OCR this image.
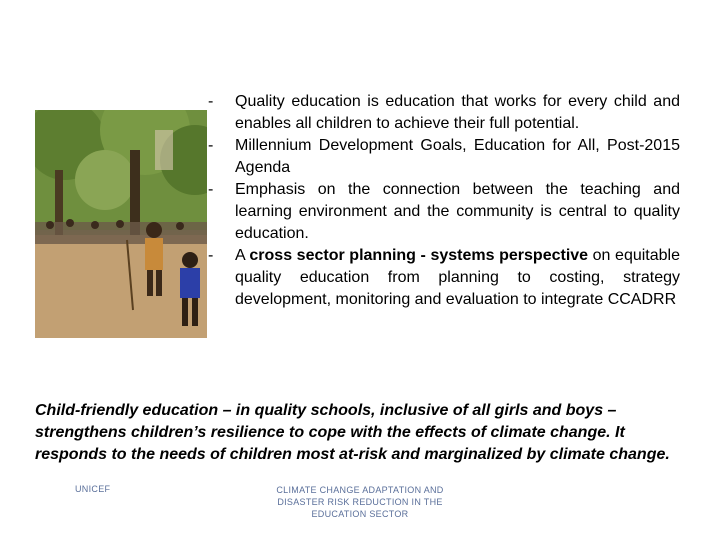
- Quality education is education that works for every child and enables all children to achieve their full potential.
- Millennium Development Goals, Education for All, Post-2015 Agenda
- Emphasis on the connection between the teaching and learning environment and the community is central to quality education.
- A cross sector planning - systems perspective on equitable quality education from planning to costing, strategy development, monitoring and evaluation to integrate CCADRR

Child-friendly education – in quality schools, inclusive of all girls and boys – strengthens children’s resilience to cope with the effects of climate change. It responds to the needs of children most at-risk and marginalized by climate change.

UNICEF	CLIMATE CHANGE ADAPTATION AND
DISASTER RISK REDUCTION IN THE
EDUCATION SECTOR
